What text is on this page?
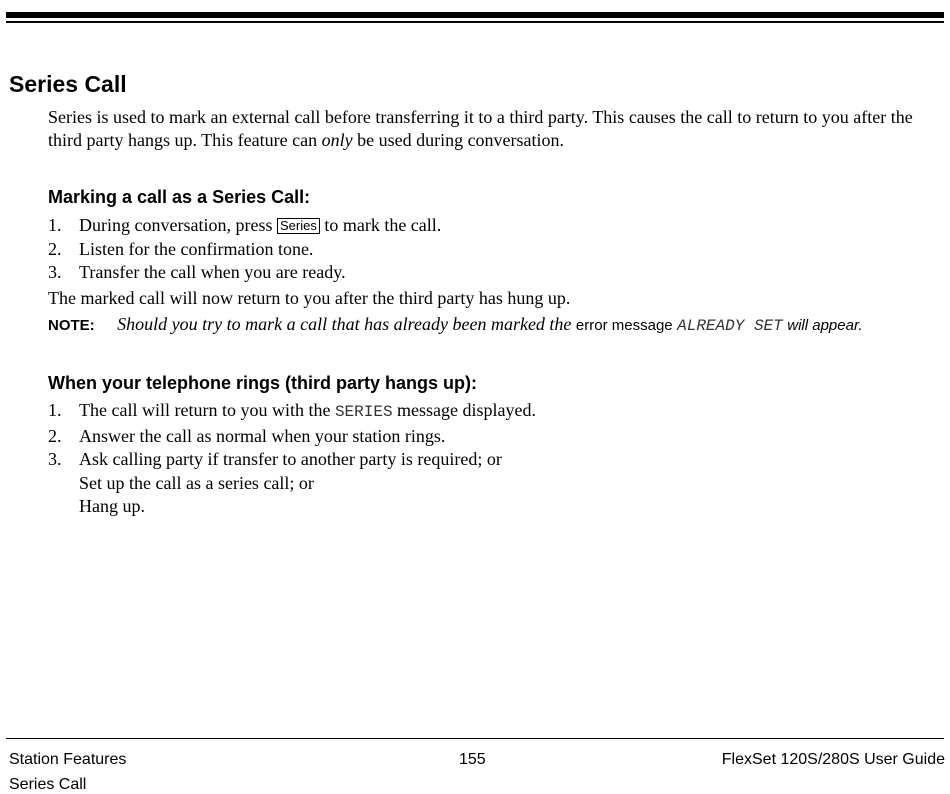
Series Call
Series is used to mark an external call before transferring it to a third party. This causes the call to return to you after the third party hangs up. This feature can only be used during conversation.
Marking a call as a Series Call:
1. During conversation, press Series to mark the call.
2. Listen for the confirmation tone.
3. Transfer the call when you are ready.
The marked call will now return to you after the third party has hung up.
NOTE: Should you try to mark a call that has already been marked the error message ALREADY SET will appear.
When your telephone rings (third party hangs up):
1. The call will return to you with the SERIES message displayed.
2. Answer the call as normal when your station rings.
3. Ask calling party if transfer to another party is required; or
Set up the call as a series call; or
Hang up.
Station Features
Series Call
155	FlexSet 120S/280S User Guide
